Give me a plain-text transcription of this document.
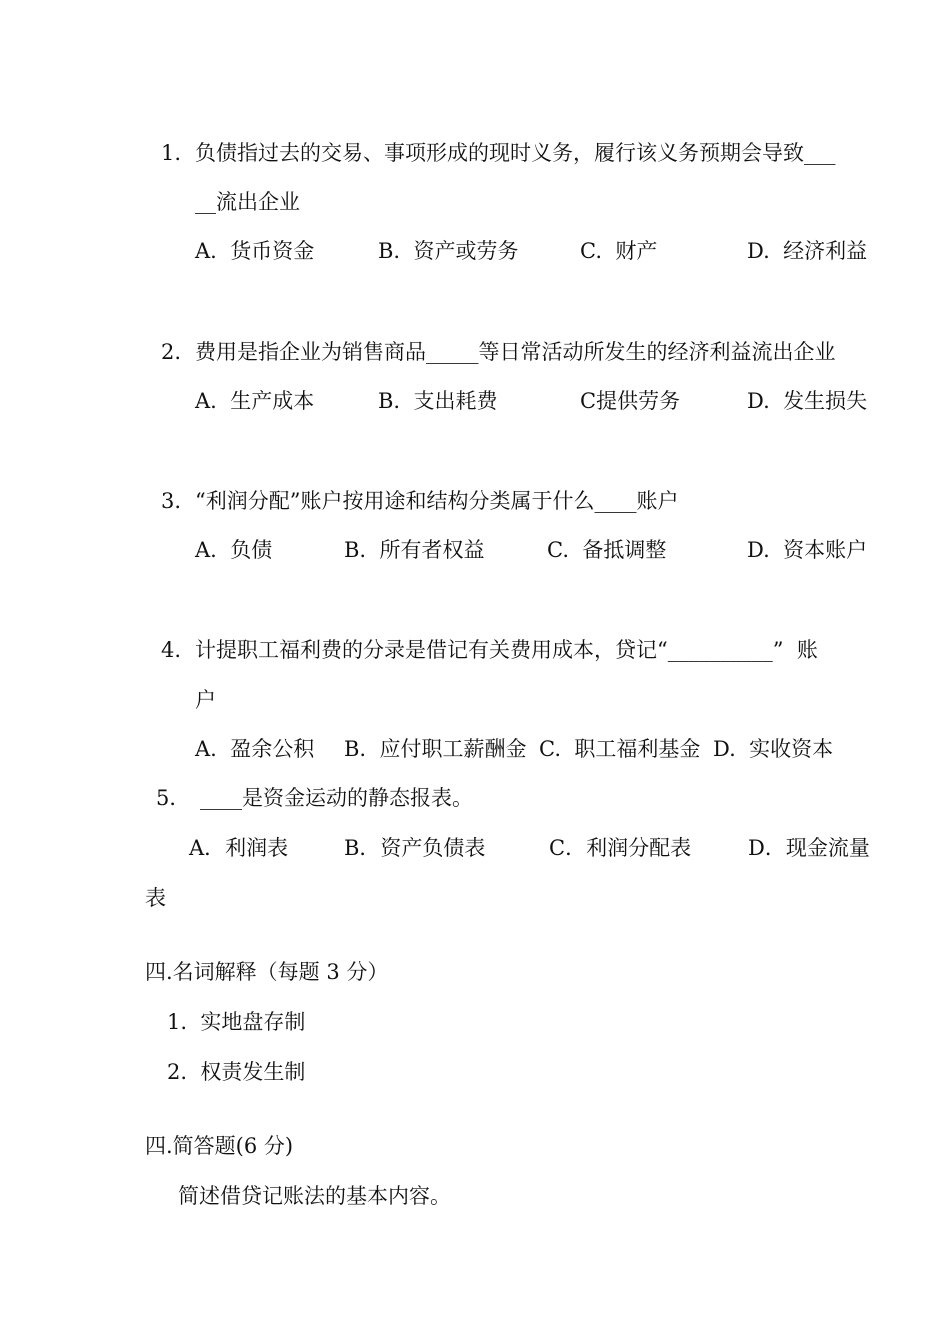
1. 负债指过去的交易、事项形成的现时义务，履行该义务预期会导致___
__流出企业
A.  货币资金	B.  资产或劳务	C.  财产	D.  经济利益
2. 费用是指企业为销售商品_____等日常活动所发生的经济利益流出企业
A.  生产成本	B.  支出耗费	C提供劳务	D.  发生损失
3. “利润分配”账户按用途和结构分类属于什么____账户
A.  负债	B.  所有者权益	C.  备抵调整	D.  资本账户
4. 计提职工福利费的分录是借记有关费用成本，贷记“__________”  账
户
A.  盈余公积 B.  应付职工薪酬金 C.  职工福利基金 D.  实收资本
5． ____是资金运动的静态报表。
A．利润表	B．资产负债表	C．利润分配表	D．现金流量
表
四.名词解释（每题 3 分）
1.  实地盘存制
2.  权责发生制
四.简答题(6 分)
简述借贷记账法的基本内容。
